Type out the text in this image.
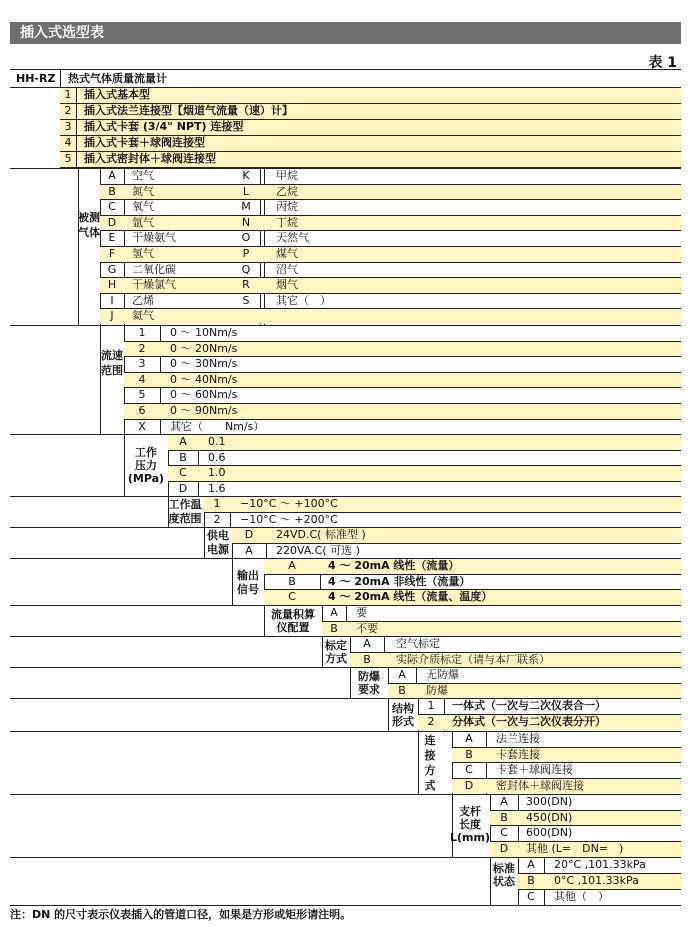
插入式选型表
表 1
HH-RZ 热式气体质量流量计
1	插入式基本型
2	插入式法兰连接型【烟道气流量（速）计】
3	插入式卡套 (3/4" NPT) 连接型
4	插入式卡套＋球阀连接型
5	插入式密封体＋球阀连接型
A	空气	K	甲烷
B	氮气	L	乙烷
C	氧气	M	丙烷
D	氩气	N	丁烷
E	干燥氨气	O	天然气
F	氢气	P	煤气
G	二氧化碳	Q	沼气
H	干燥氯气	R	烟气
I	乙烯	S	其它（　）
J	氦气
被测气体
1	0 ～ 10Nm/s
2	0 ～ 20Nm/s
3	0 ～ 30Nm/s
4	0 ～ 40Nm/s
5	0 ～ 60Nm/s
6	0 ～ 90Nm/s
X	其它（　　Nm/s）
流速范围
A	0.1
B	0.6
C	1.0
D	1.6
工作
压力
(MPa)
1	−10°C ～ +100°C
2	−10°C ～ +200°C
工作温
度范围
D	24VD.C( 标准型 )
A	220VA.C( 可选 )
供电
电源
A	4 ～ 20mA 线性（流量）
B	4 ～ 20mA 非线性（流量）
C	4 ～ 20mA 线性（流量、温度）
输出
信号
A	要
B	不要
流量积算
仪配置
A	空气标定
B	实际介质标定（请与本厂联系）
标定
方式
A	无防爆
B	防爆
防爆
要求
1	一体式（一次与二次仪表合一）
2	分体式（一次与二次仪表分开）
结构
形式
A	法兰连接
B	卡套连接
C	卡套＋球阀连接
D	密封体＋球阀连接
连接方式
A	300(DN)
B	450(DN)
C	600(DN)
D	其他 (L=　DN=　)
支杆
长度
L(mm)
A	20°C ,101.33kPa
B	0°C ,101.33kPa
C	其他（　）
标准
状态
注：DN 的尺寸表示仪表插入的管道口径，如果是方形或矩形请注明。
